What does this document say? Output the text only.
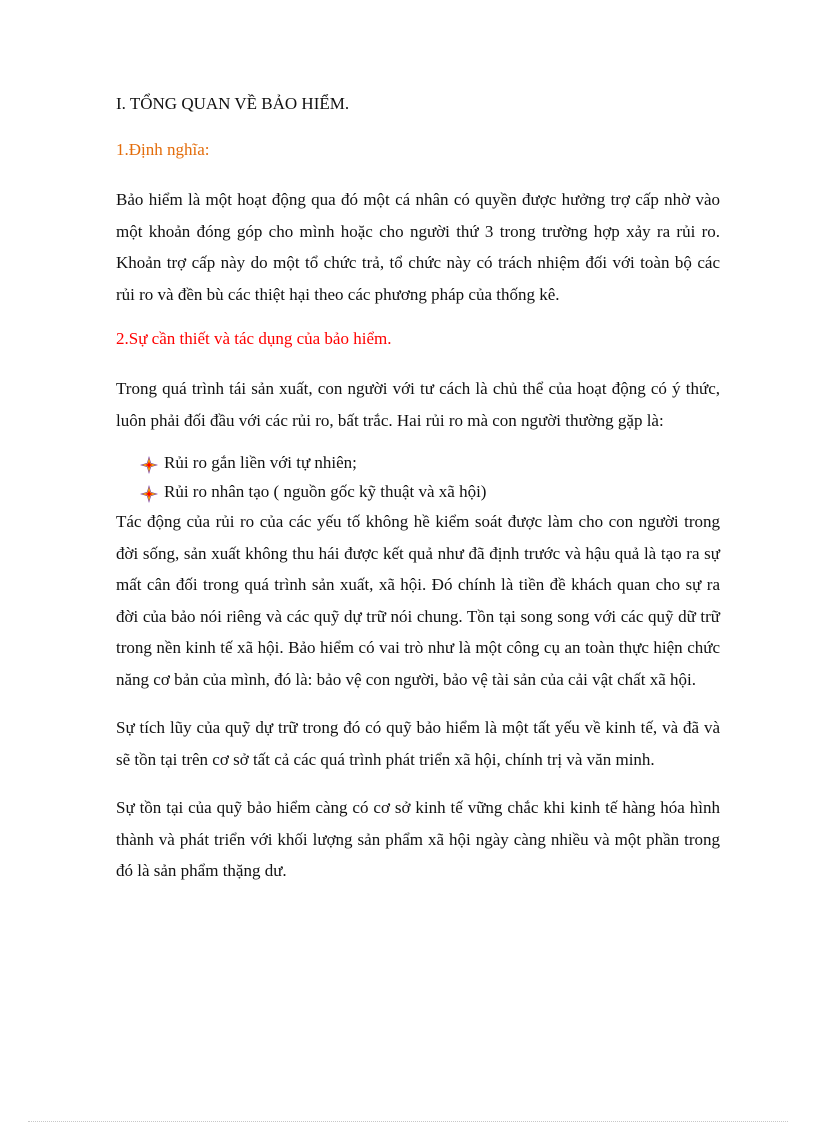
I. TỔNG QUAN VỀ BẢO HIỂM.
1.Định nghĩa:

Bảo hiểm là một hoạt động qua đó một cá nhân có quyền được hưởng trợ cấp nhờ vào một khoản đóng góp cho mình hoặc cho người thứ 3 trong trường hợp xảy ra rủi ro. Khoản trợ cấp này do một tổ chức trả, tổ chức này có trách nhiệm đối với toàn bộ các rủi ro và đền bù các thiệt hại theo các phương pháp của thống kê.

2.Sự cần thiết và tác dụng của bảo hiểm.

Trong quá trình tái sản xuất, con người với tư cách là chủ thể của hoạt động có ý thức, luôn phải đối đầu với các rủi ro, bất trắc. Hai rủi ro mà con người thường gặp là:

Rủi ro gắn liền với tự nhiên;
Rủi ro nhân tạo ( nguồn gốc kỹ thuật và xã hội)

Tác động của rủi ro của các yếu tố không hề kiểm soát được làm cho con người trong đời sống, sản xuất không thu hái được kết quả như đã định trước và hậu quả là tạo ra sự mất cân đối trong quá trình sản xuất, xã hội. Đó chính là tiền đề khách quan cho sự ra đời của bảo nói riêng và các quỹ dự trữ nói chung. Tồn tại song song với các quỹ dữ trữ trong nền kinh tế xã hội. Bảo hiểm có vai trò như là một công cụ an toàn thực hiện chức năng cơ bản của mình, đó là: bảo vệ con người, bảo vệ tài sản của cải vật chất xã hội.

Sự tích lũy của quỹ dự trữ trong đó có quỹ bảo hiểm là một tất yếu về kinh tế, và đã và sẽ tồn tại trên cơ sở tất cả các quá trình phát triển xã hội, chính trị và văn minh.

Sự tồn tại của quỹ bảo hiểm càng có cơ sở kinh tế vững chắc khi kinh tế hàng hóa hình thành và phát triển với khối lượng sản phẩm xã hội ngày càng nhiều và một phần trong đó là sản phẩm thặng dư.
